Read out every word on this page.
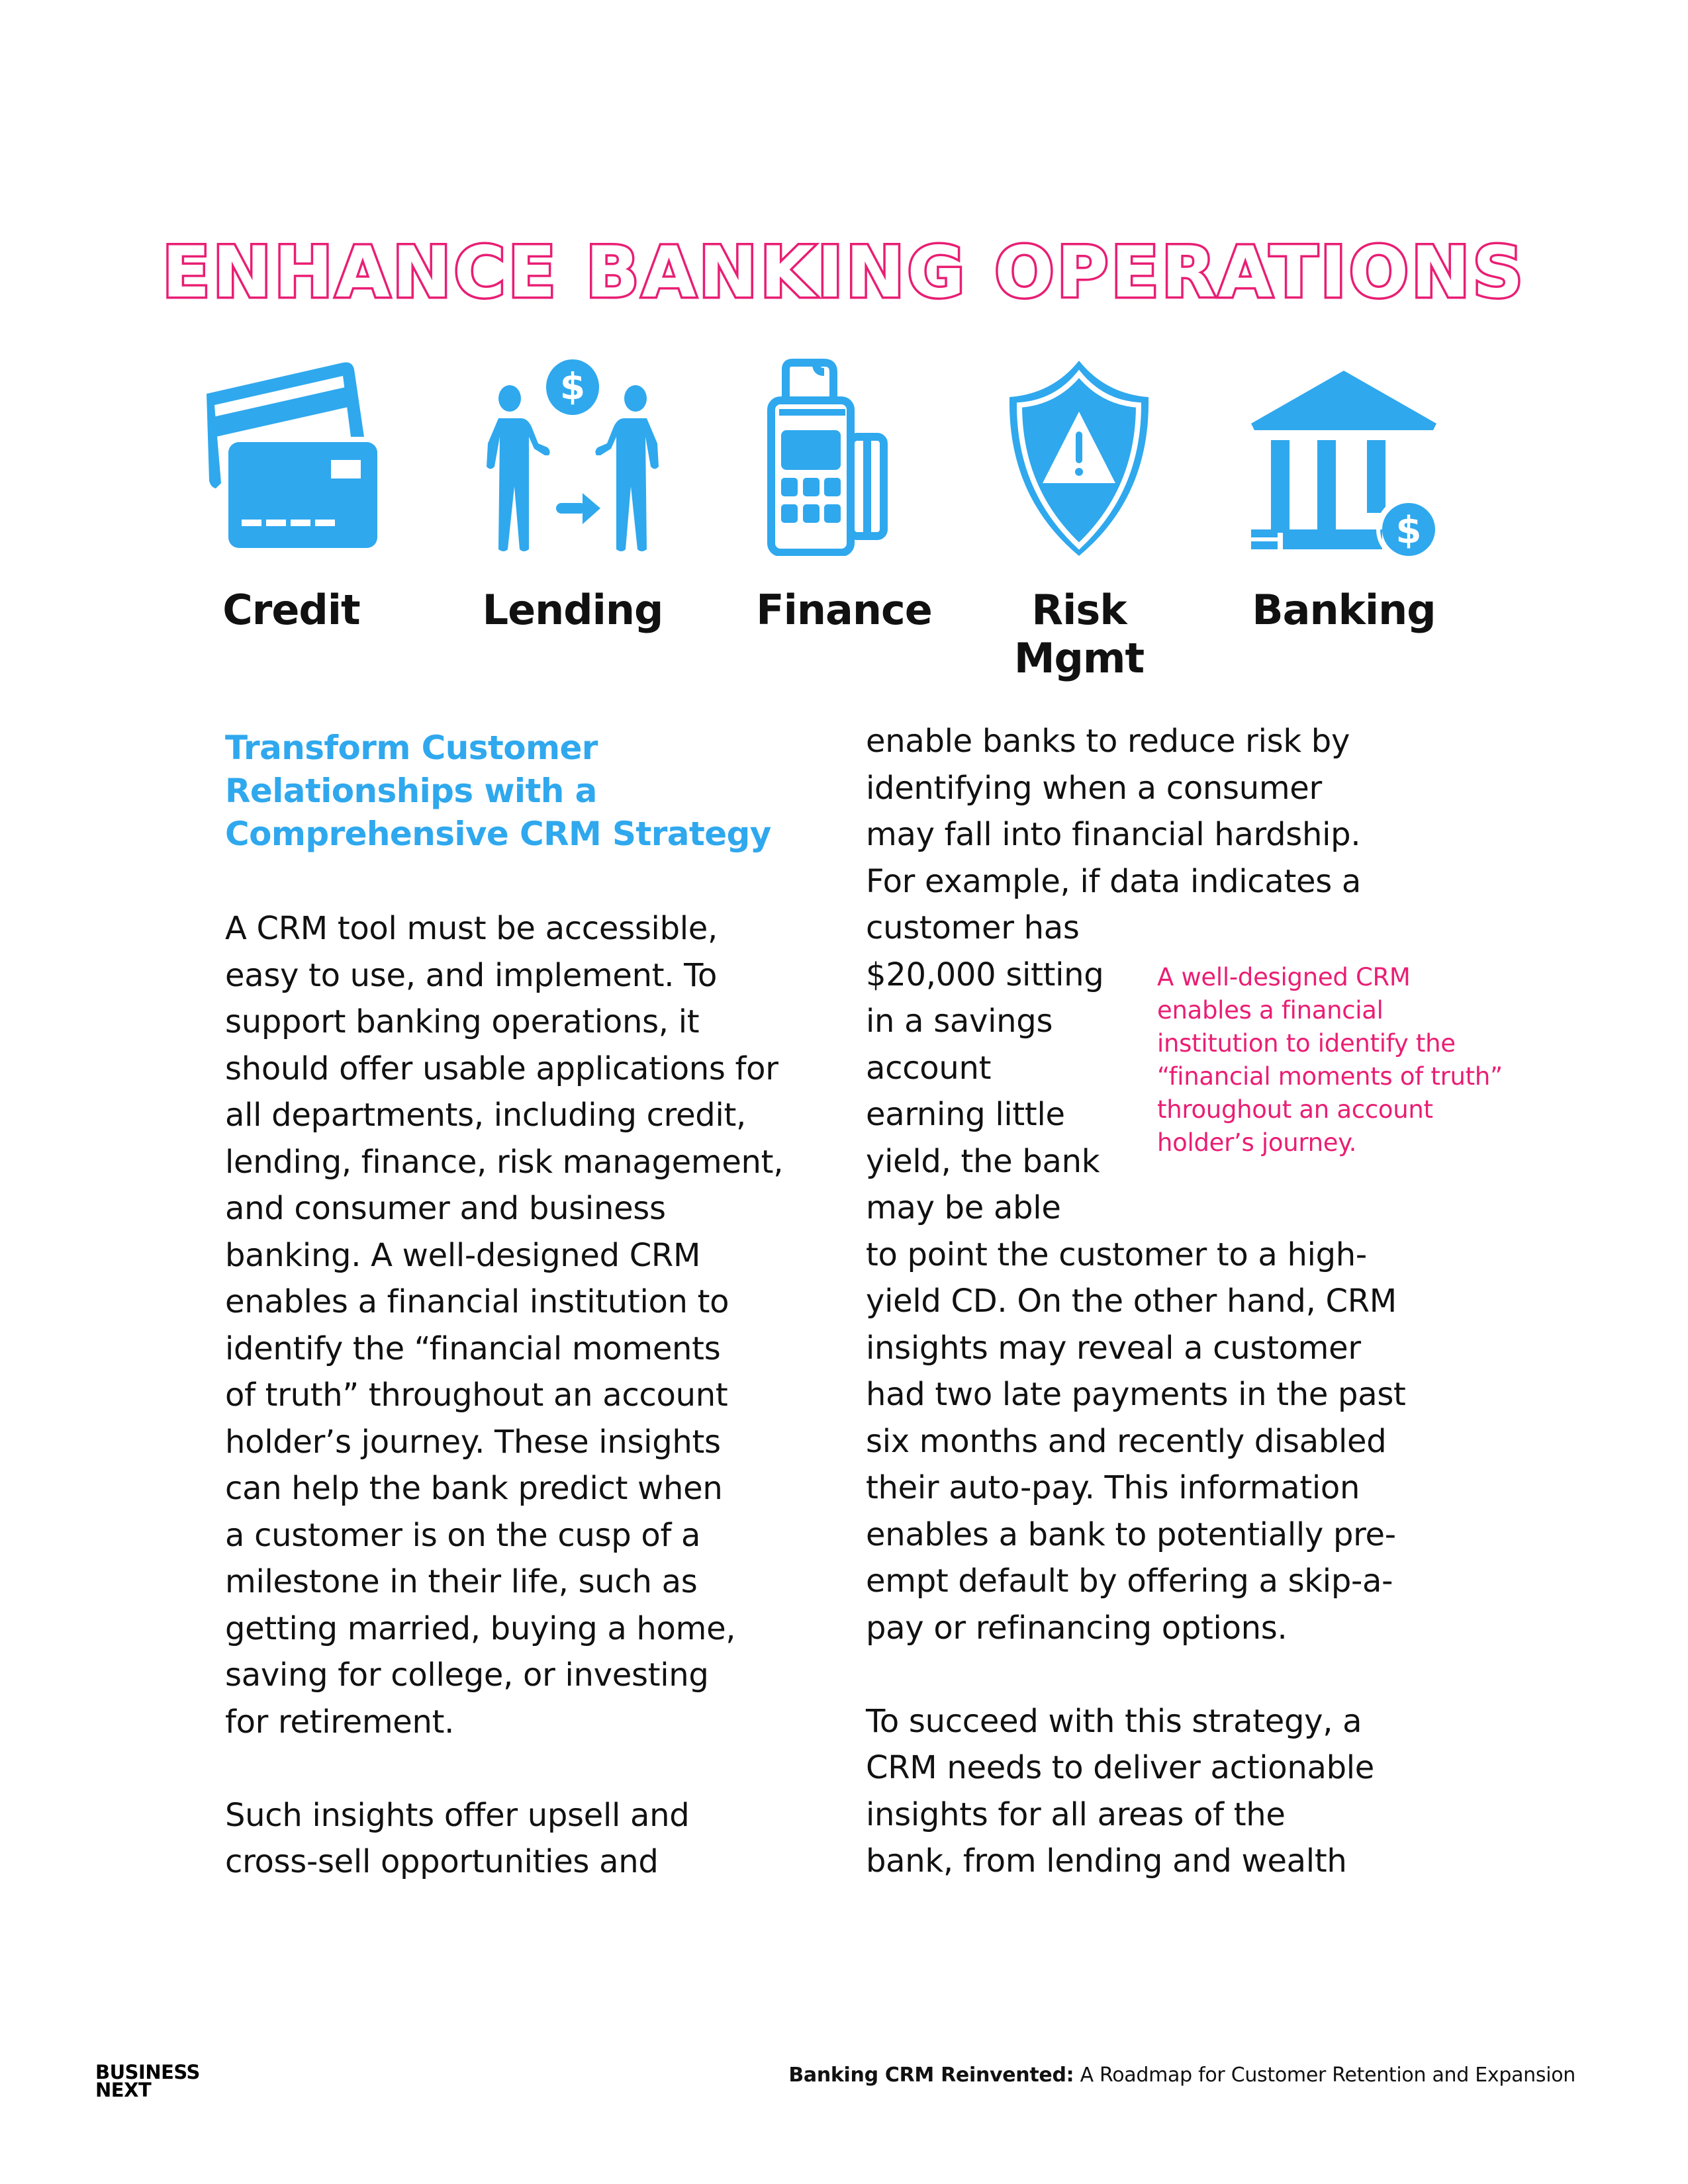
ENHANCE BANKING OPERATIONS
Credit
$
Lending	Finance	Risk Mgmt
$
Banking
Transform Customer
Relationships with a
Comprehensive CRM Strategy
A CRM tool must be accessible,
easy to use, and implement. To
support banking operations, it
should offer usable applications for
all departments, including credit,
lending, finance, risk management,
and consumer and business
banking. A well-designed CRM
enables a financial institution to
identify the “financial moments
of truth” throughout an account
holder’s journey. These insights
can help the bank predict when
a customer is on the cusp of a
milestone in their life, such as
getting married, buying a home,
saving for college, or investing
for retirement.
Such insights offer upsell and
cross-sell opportunities and
enable banks to reduce risk by
identifying when a consumer
may fall into financial hardship.
For example, if data indicates a
customer has
$20,000 sitting
in a savings
account
earning little
yield, the bank
may be able
to point the customer to a high-
yield CD. On the other hand, CRM
insights may reveal a customer
had two late payments in the past
six months and recently disabled
their auto-pay. This information
enables a bank to potentially pre-
empt default by offering a skip-a-
pay or refinancing options.
To succeed with this strategy, a
CRM needs to deliver actionable
insights for all areas of the
bank, from lending and wealth
A well-designed CRM
enables a financial
institution to identify the
“financial moments of truth”
throughout an account
holder’s journey.
BUSINESS
NEXT
Banking CRM Reinvented: A Roadmap for Customer Retention and Expansion
